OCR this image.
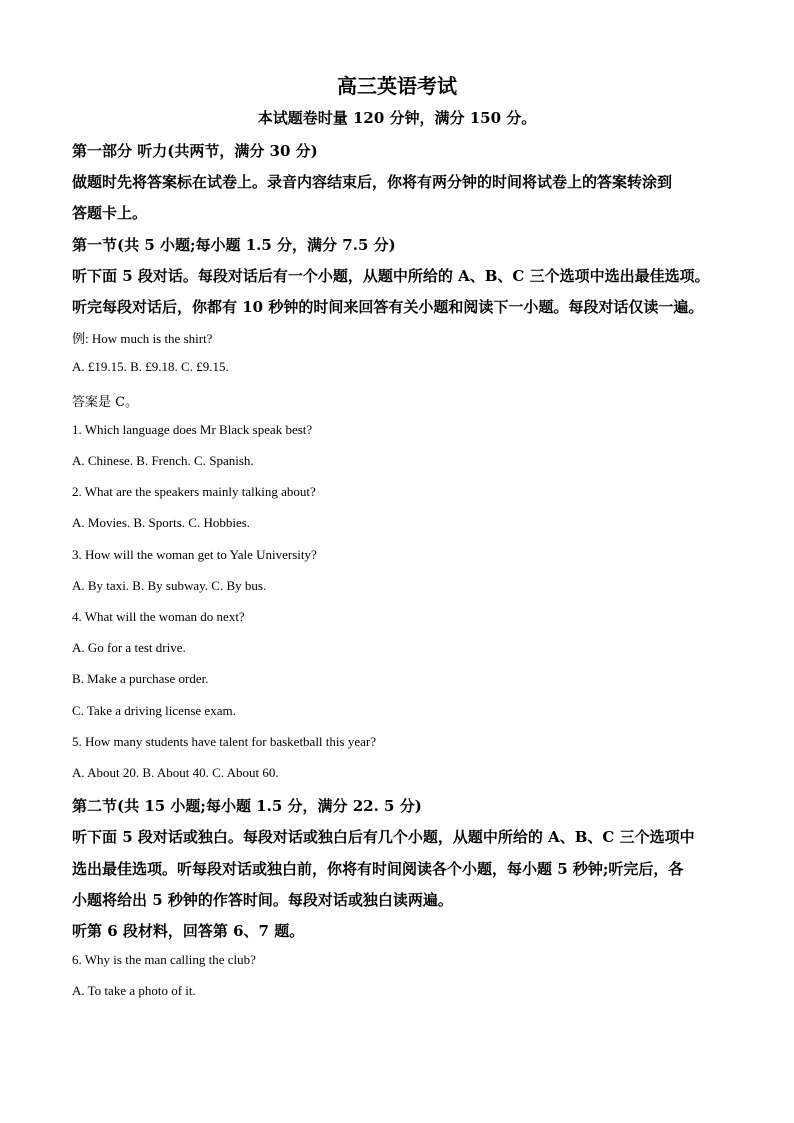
高三英语考试
本试题卷时量 120 分钟，满分 150 分。
第一部分 听力(共两节，满分 30 分)
做题时先将答案标在试卷上。录音内容结束后，你将有两分钟的时间将试卷上的答案转涂到
答题卡上。
第一节(共 5 小题;每小题 1.5 分，满分 7.5 分)
听下面 5 段对话。每段对话后有一个小题，从题中所给的 A、B、C 三个选项中选出最佳选项。
听完每段对话后，你都有 10 秒钟的时间来回答有关小题和阅读下一小题。每段对话仅读一遍。
例: How much is the shirt?
A. £19.15. B. £9.18. C. £9.15.
答案是 C。
1. Which language does Mr Black speak best?
A. Chinese. B. French. C. Spanish.
2. What are the speakers mainly talking about?
A. Movies. B. Sports. C. Hobbies.
3. How will the woman get to Yale University?
A. By taxi. B. By subway. C. By bus.
4. What will the woman do next?
A. Go for a test drive.
B. Make a purchase order.
C. Take a driving license exam.
5. How many students have talent for basketball this year?
A. About 20. B. About 40. C. About 60.
第二节(共 15 小题;每小题 1.5 分，满分 22. 5 分)
听下面 5 段对话或独白。每段对话或独白后有几个小题，从题中所给的 A、B、C 三个选项中
选出最佳选项。听每段对话或独白前，你将有时间阅读各个小题，每小题 5 秒钟;听完后，各
小题将给出 5 秒钟的作答时间。每段对话或独白读两遍。
听第 6 段材料，回答第 6、7 题。
6. Why is the man calling the club?
A. To take a photo of it.
